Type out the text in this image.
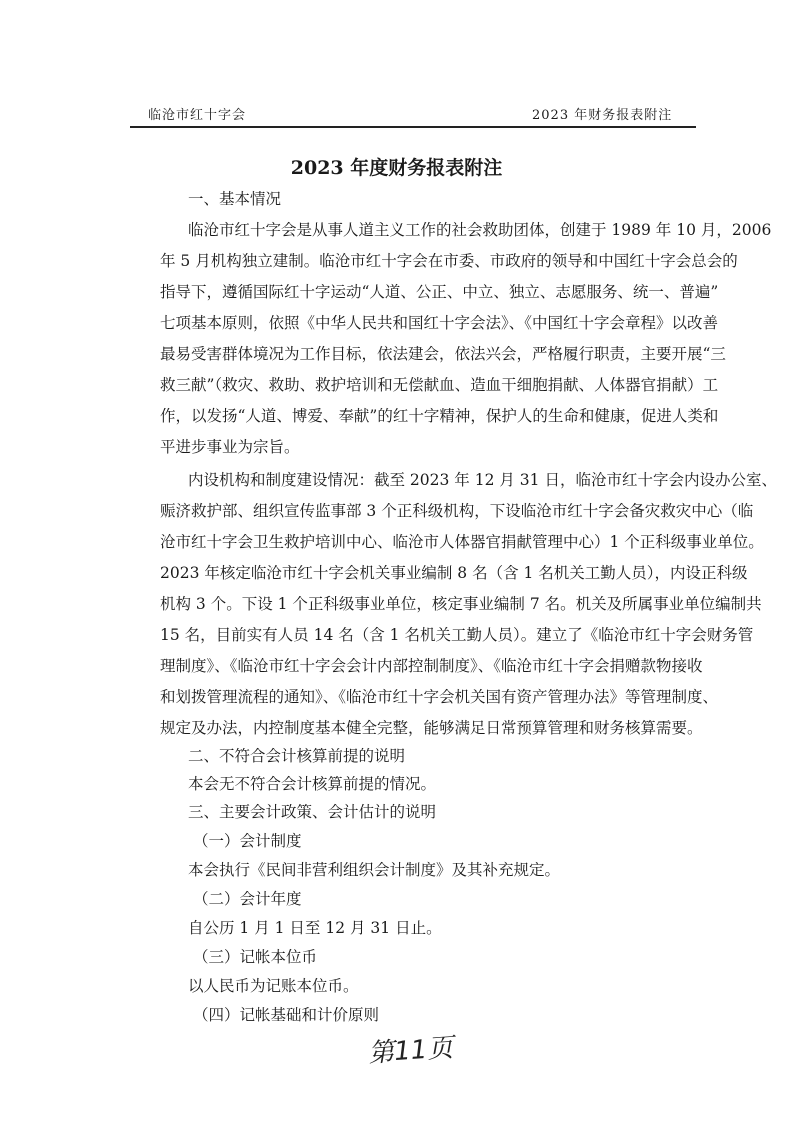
临沧市红十字会	2023 年财务报表附注
2023 年度财务报表附注
一、基本情况
临沧市红十字会是从事人道主义工作的社会救助团体，创建于 1989 年 10 月，2006
年 5 月机构独立建制。临沧市红十字会在市委、市政府的领导和中国红十字会总会的
指导下，遵循国际红十字运动“人道、公正、中立、独立、志愿服务、统一、普遍”
七项基本原则，依照《中华人民共和国红十字会法》、《中国红十字会章程》以改善
最易受害群体境况为工作目标，依法建会，依法兴会，严格履行职责，主要开展“三
救三献”（救灾、救助、救护培训和无偿献血、造血干细胞捐献、人体器官捐献）工
作，以发扬“人道、博爱、奉献”的红十字精神，保护人的生命和健康，促进人类和
平进步事业为宗旨。
内设机构和制度建设情况：截至 2023 年 12 月 31 日，临沧市红十字会内设办公室、
赈济救护部、组织宣传监事部 3 个正科级机构，下设临沧市红十字会备灾救灾中心（临
沧市红十字会卫生救护培训中心、临沧市人体器官捐献管理中心）1 个正科级事业单位。
2023 年核定临沧市红十字会机关事业编制 8 名（含 1 名机关工勤人员），内设正科级
机构 3 个。下设 1 个正科级事业单位，核定事业编制 7 名。机关及所属事业单位编制共
15 名，目前实有人员 14 名（含 1 名机关工勤人员）。建立了《临沧市红十字会财务管
理制度》、《临沧市红十字会会计内部控制制度》、《临沧市红十字会捐赠款物接收
和划拨管理流程的通知》、《临沧市红十字会机关国有资产管理办法》等管理制度、
规定及办法，内控制度基本健全完整，能够满足日常预算管理和财务核算需要。
二、不符合会计核算前提的说明
本会无不符合会计核算前提的情况。
三、主要会计政策、会计估计的说明
（一）会计制度
本会执行《民间非营利组织会计制度》及其补充规定。
（二）会计年度
自公历 1 月 1 日至 12 月 31 日止。
（三）记帐本位币
以人民币为记账本位币。
（四）记帐基础和计价原则
第11页
